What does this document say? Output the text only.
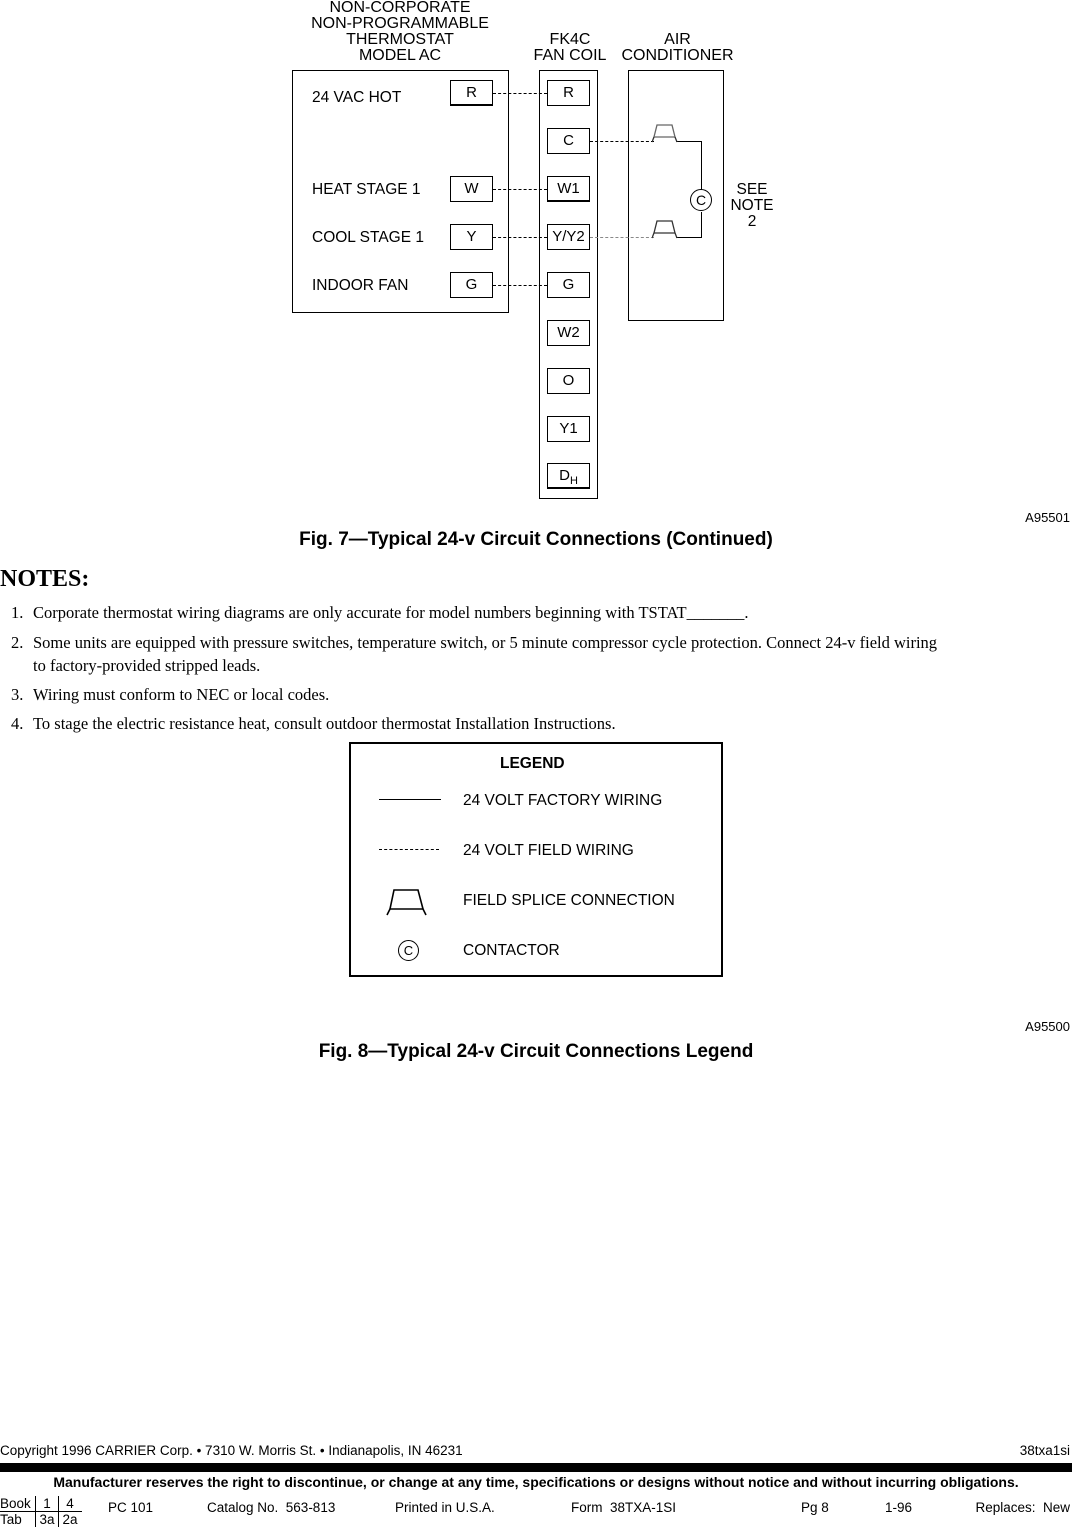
NON-CORPORATE
NON-PROGRAMMABLE
THERMOSTAT
MODEL AC
FK4C
FAN COIL
AIR
CONDITIONER
24 VAC HOT
HEAT STAGE 1
COOL STAGE 1
INDOOR FAN
R
W
Y
G
R
C
W1
Y/Y2
G
W2
O
Y1
$D_H$
C
SEE
NOTE
2
A95501
Fig. 7—Typical 24-v Circuit Connections (Continued)
NOTES:
1. Corporate thermostat wiring diagrams are only accurate for model numbers beginning with TSTAT_______.
2. Some units are equipped with pressure switches, temperature switch, or 5 minute compressor cycle protection. Connect 24-v field wiring
to factory-provided stripped leads.
3. Wiring must conform to NEC or local codes.
4. To stage the electric resistance heat, consult outdoor thermostat Installation Instructions.
LEGEND
24 VOLT FACTORY WIRING
24 VOLT FIELD WIRING
FIELD SPLICE CONNECTION
C	CONTACTOR
A95500
Fig. 8—Typical 24-v Circuit Connections Legend
Copyright 1996 CARRIER Corp. • 7310 W. Morris St. • Indianapolis, IN 46231	38txa1si
Manufacturer reserves the right to discontinue, or change at any time, specifications or designs without notice and without incurring obligations.
Book 1	4
Tab	3a 2a
PC 101	Catalog No.  563-813	Printed in U.S.A.	Form  38TXA-1SI	Pg 8	1-96	Replaces:  New
